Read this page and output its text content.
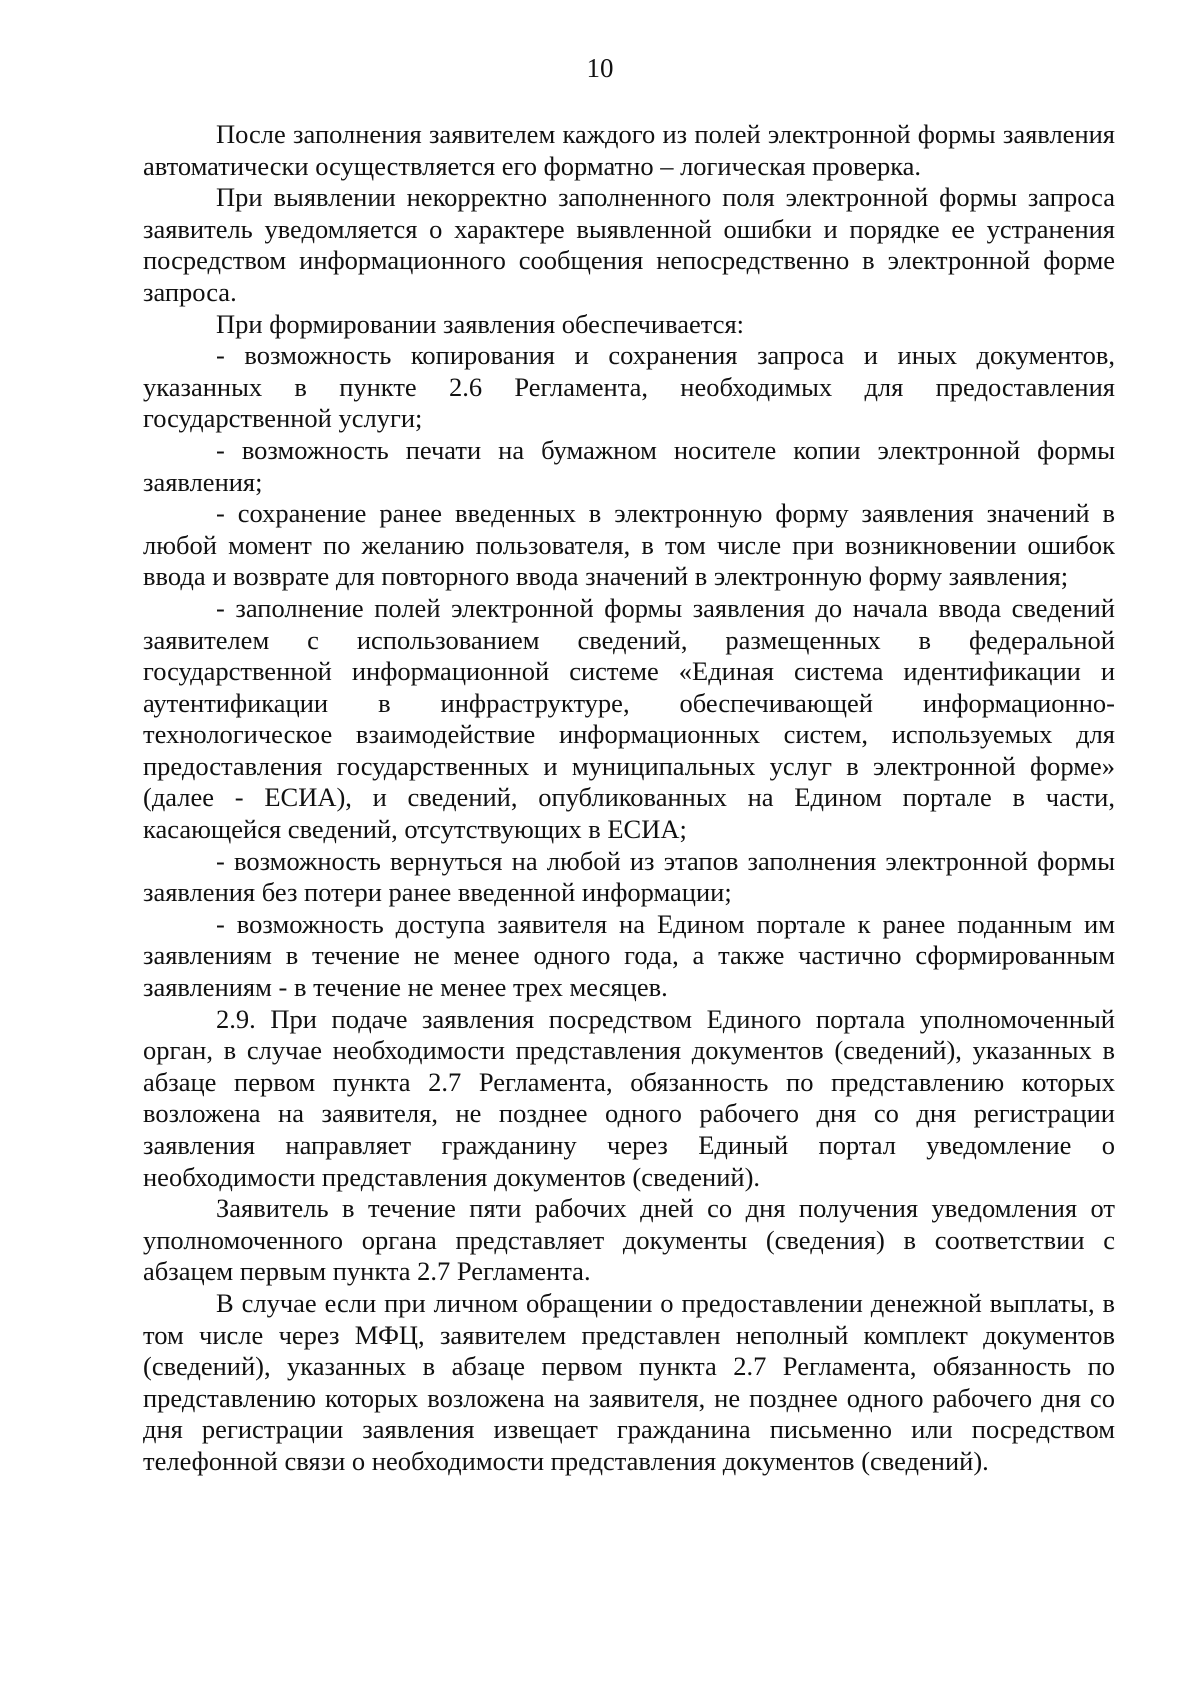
10

После заполнения заявителем каждого из полей электронной формы заявления автоматически осуществляется его форматно – логическая проверка.

При выявлении некорректно заполненного поля электронной формы запроса заявитель уведомляется о характере выявленной ошибки и порядке ее устранения посредством информационного сообщения непосредственно в электронной форме запроса.

При формировании заявления обеспечивается:

- возможность копирования и сохранения запроса и иных документов, указанных в пункте 2.6 Регламента, необходимых для предоставления государственной услуги;

- возможность печати на бумажном носителе копии электронной формы заявления;

- сохранение ранее введенных в электронную форму заявления значений в любой момент по желанию пользователя, в том числе при возникновении ошибок ввода и возврате для повторного ввода значений в электронную форму заявления;

- заполнение полей электронной формы заявления до начала ввода сведений заявителем с использованием сведений, размещенных в федеральной государственной информационной системе «Единая система идентификации и аутентификации в инфраструктуре, обеспечивающей информационно-технологическое взаимодействие информационных систем, используемых для предоставления государственных и муниципальных услуг в электронной форме» (далее - ЕСИА), и сведений, опубликованных на Едином портале в части, касающейся сведений, отсутствующих в ЕСИА;

- возможность вернуться на любой из этапов заполнения электронной формы заявления без потери ранее введенной информации;

- возможность доступа заявителя на Едином портале к ранее поданным им заявлениям в течение не менее одного года, а также частично сформированным заявлениям - в течение не менее трех месяцев.

2.9. При подаче заявления посредством Единого портала уполномоченный орган, в случае необходимости представления документов (сведений), указанных в абзаце первом пункта 2.7 Регламента, обязанность по представлению которых возложена на заявителя, не позднее одного рабочего дня со дня регистрации заявления направляет гражданину через Единый портал уведомление о необходимости представления документов (сведений).

Заявитель в течение пяти рабочих дней со дня получения уведомления от уполномоченного органа представляет документы (сведения) в соответствии с абзацем первым пункта 2.7 Регламента.

В случае если при личном обращении о предоставлении денежной выплаты, в том числе через МФЦ, заявителем представлен неполный комплект документов (сведений), указанных в абзаце первом пункта 2.7 Регламента, обязанность по представлению которых возложена на заявителя, не позднее одного рабочего дня со дня регистрации заявления извещает гражданина письменно или посредством телефонной связи о необходимости представления документов (сведений).
